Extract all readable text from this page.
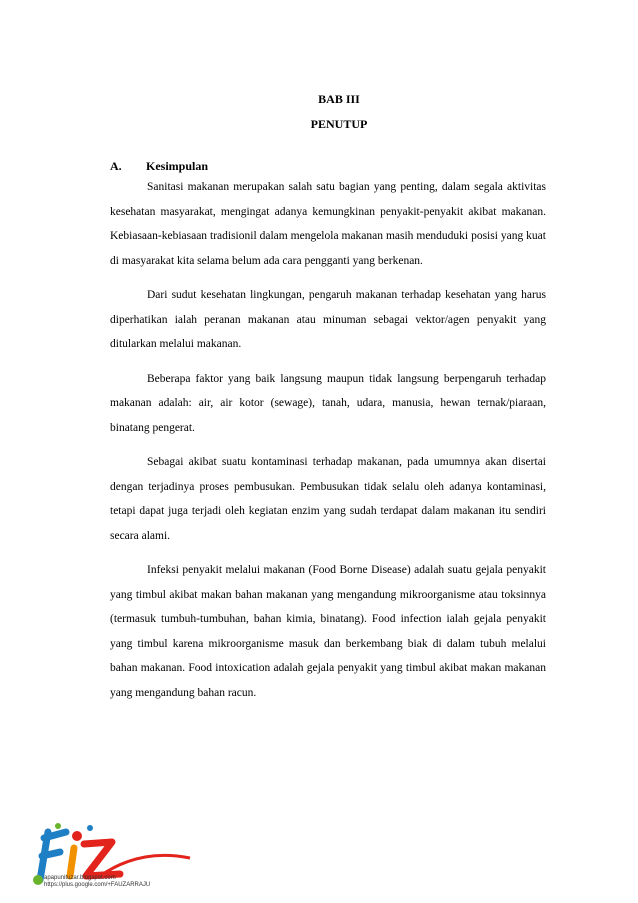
BAB III
PENUTUP
A. Kesimpulan

Sanitasi makanan merupakan salah satu bagian yang penting, dalam segala aktivitas kesehatan masyarakat, mengingat adanya kemungkinan penyakit-penyakit akibat makanan. Kebiasaan-kebiasaan tradisionil dalam mengelola makanan masih menduduki posisi yang kuat di masyarakat kita selama belum ada cara pengganti yang berkenan.

Dari sudut kesehatan lingkungan, pengaruh makanan terhadap kesehatan yang harus diperhatikan ialah peranan makanan atau minuman sebagai vektor/agen penyakit yang ditularkan melalui makanan.

Beberapa faktor yang baik langsung maupun tidak langsung berpengaruh terhadap makanan adalah: air, air kotor (sewage), tanah, udara, manusia, hewan ternak/piaraan, binatang pengerat.

Sebagai akibat suatu kontaminasi terhadap makanan, pada umumnya akan disertai dengan terjadinya proses pembusukan. Pembusukan tidak selalu oleh adanya kontaminasi, tetapi dapat juga terjadi oleh kegiatan enzim yang sudah terdapat dalam makanan itu sendiri secara alami.

Infeksi penyakit melalui makanan (Food Borne Disease) adalah suatu gejala penyakit yang timbul akibat makan bahan makanan yang mengandung mikroorganisme atau toksinnya (termasuk tumbuh-tumbuhan, bahan kimia, binatang). Food infection ialah gejala penyakit yang timbul karena mikroorganisme masuk dan berkembang biak di dalam tubuh melalui bahan makanan. Food intoxication adalah gejala penyakit yang timbul akibat makan makanan yang mengandung bahan racun.

apapunituzar.blogspot.com
https://plus.google.com/+FAUZARRAJU
